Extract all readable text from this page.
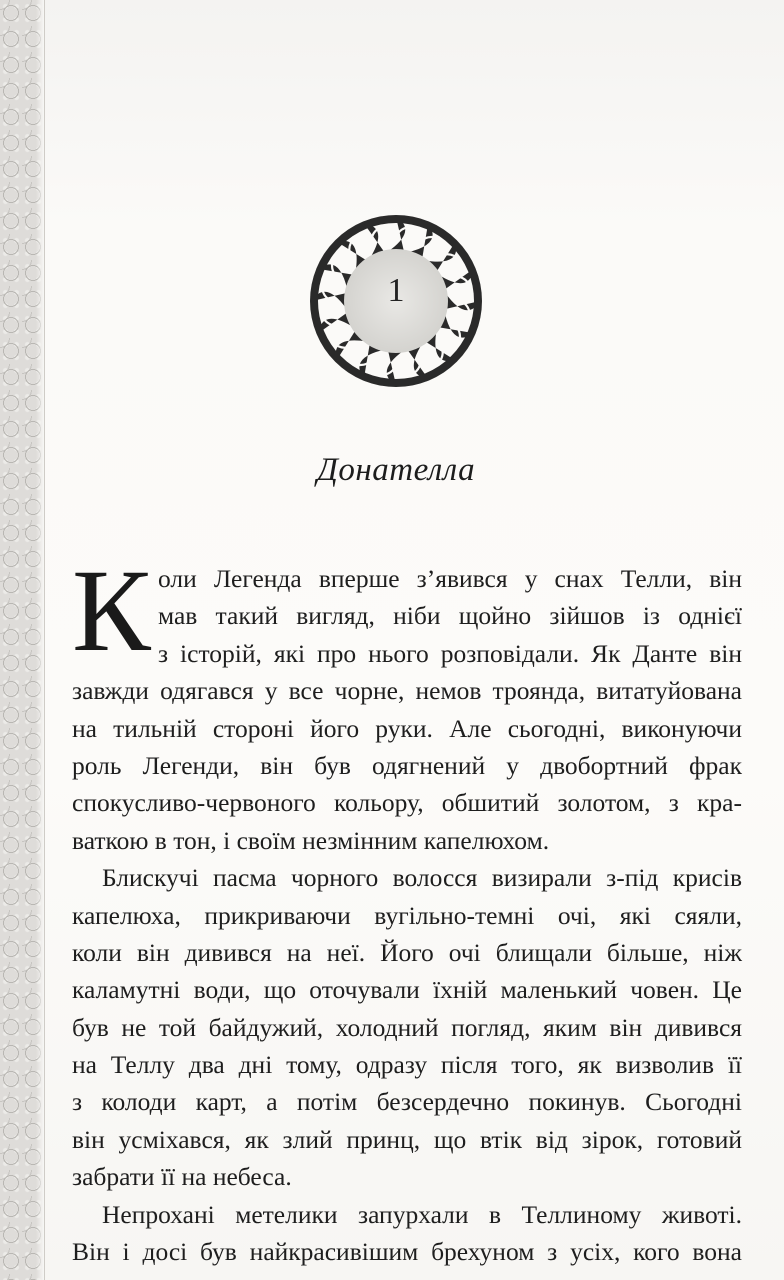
1
Донателла
К оли Легенда вперше з’явився у снах Телли, він
мав такий вигляд, ніби щойно зійшов із однієї
з історій, які про нього розповідали. Як Данте він
завжди одягався у все чорне, немов троянда, витатуйована
на тильній стороні його руки. Але сьогодні, виконуючи
роль Легенди, він був одягнений у двобортний фрак
спокусливо-червоного кольору, обшитий золотом, з кра-
ваткою в тон, і своїм незмінним капелюхом.
Блискучі пасма чорного волосся визирали з-під крисів
капелюха, прикриваючи вугільно-темні очі, які сяяли,
коли він дивився на неї. Його очі блищали більше, ніж
каламутні води, що оточували їхній маленький човен. Це
був не той байдужий, холодний погляд, яким він дивився
на Теллу два дні тому, одразу після того, як визволив її
з колоди карт, а потім безсердечно покинув. Сьогодні
він усміхався, як злий принц, що втік від зірок, готовий
забрати її на небеса.
Непрохані метелики запурхали в Теллиному животі.
Він і досі був найкрасивішим брехуном з усіх, кого вона
